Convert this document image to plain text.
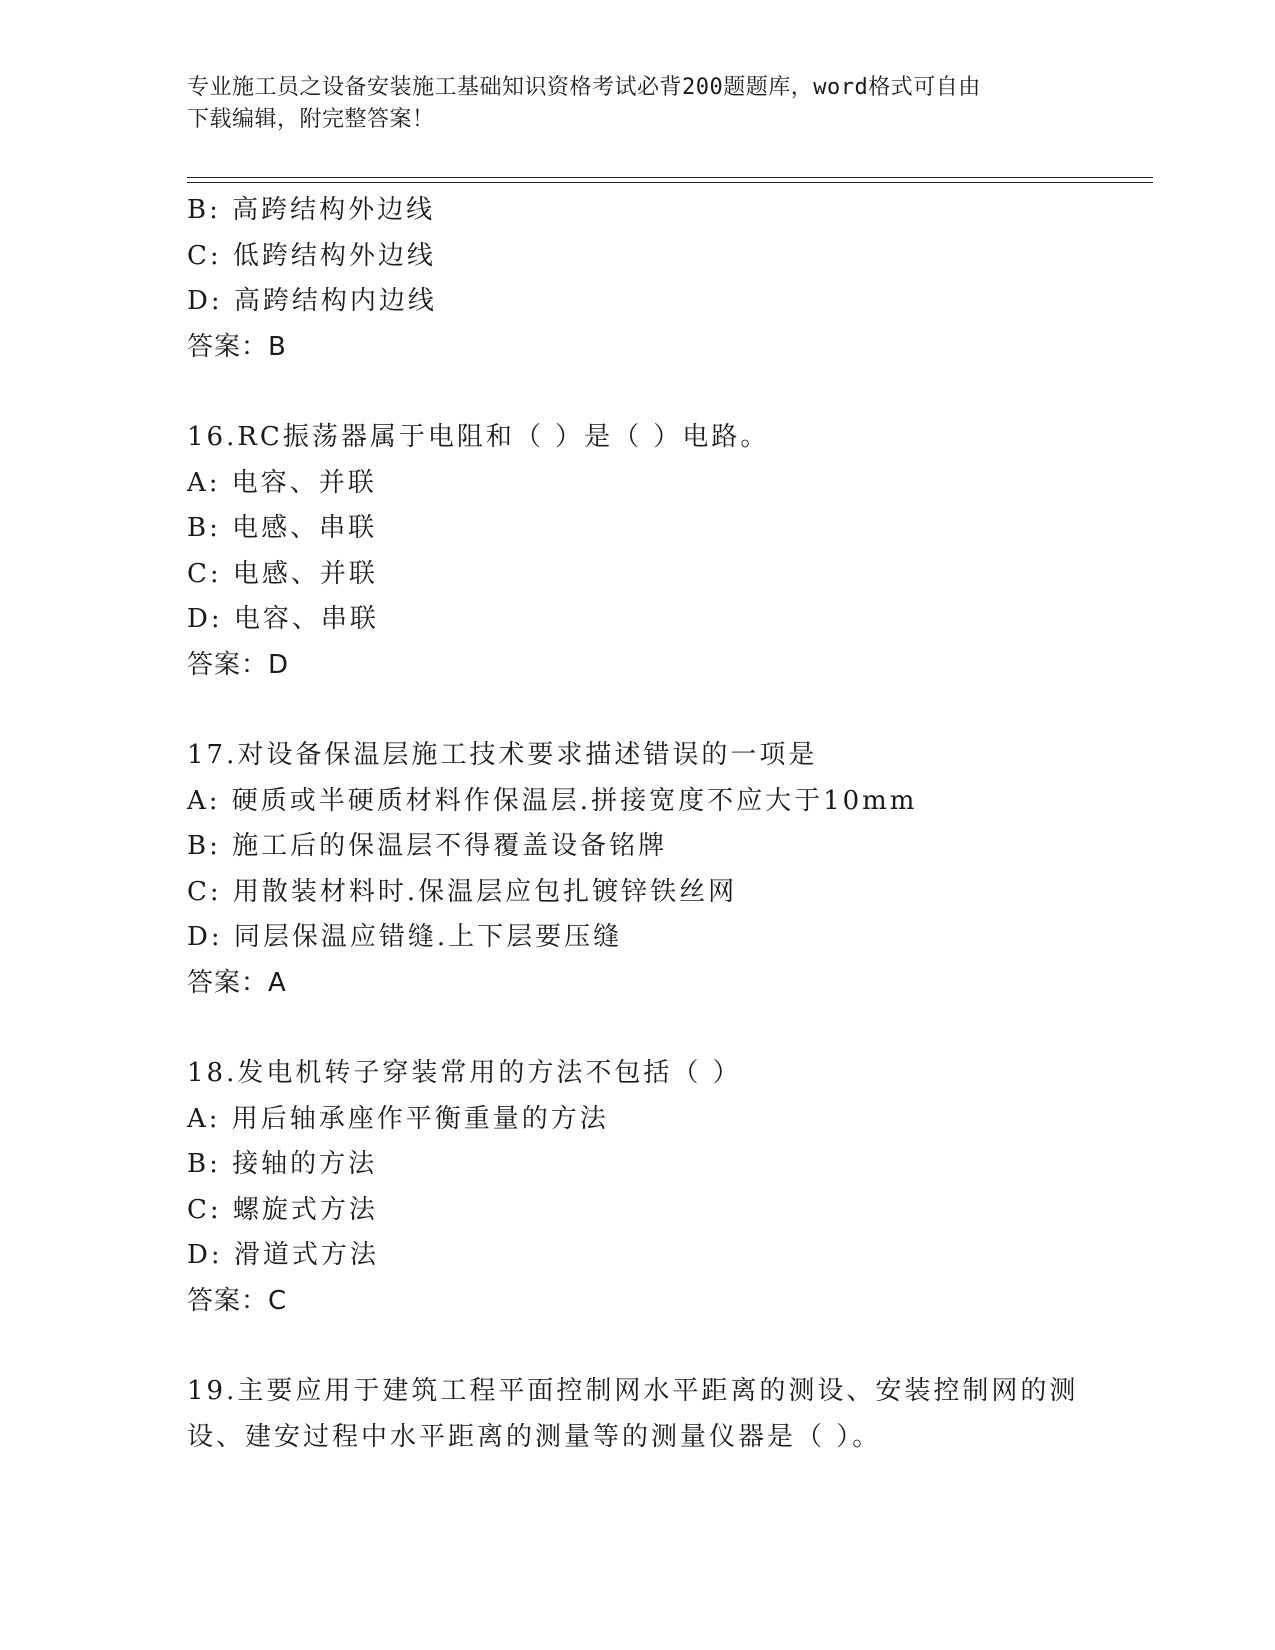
专业施工员之设备安装施工基础知识资格考试必背200题题库，word格式可自由
下载编辑，附完整答案！
B: 高跨结构外边线
C: 低跨结构外边线
D: 高跨结构内边线
答案：B
16.RC振荡器属于电阻和（ ）是（ ）电路。
A: 电容、并联
B: 电感、串联
C: 电感、并联
D: 电容、串联
答案：D
17.对设备保温层施工技术要求描述错误的一项是
A: 硬质或半硬质材料作保温层.拼接宽度不应大于10mm
B: 施工后的保温层不得覆盖设备铭牌
C: 用散装材料时.保温层应包扎镀锌铁丝网
D: 同层保温应错缝.上下层要压缝
答案：A
18.发电机转子穿装常用的方法不包括（ ）
A: 用后轴承座作平衡重量的方法
B: 接轴的方法
C: 螺旋式方法
D: 滑道式方法
答案：C
19.主要应用于建筑工程平面控制网水平距离的测设、安装控制网的测
设、建安过程中水平距离的测量等的测量仪器是（ ）。
